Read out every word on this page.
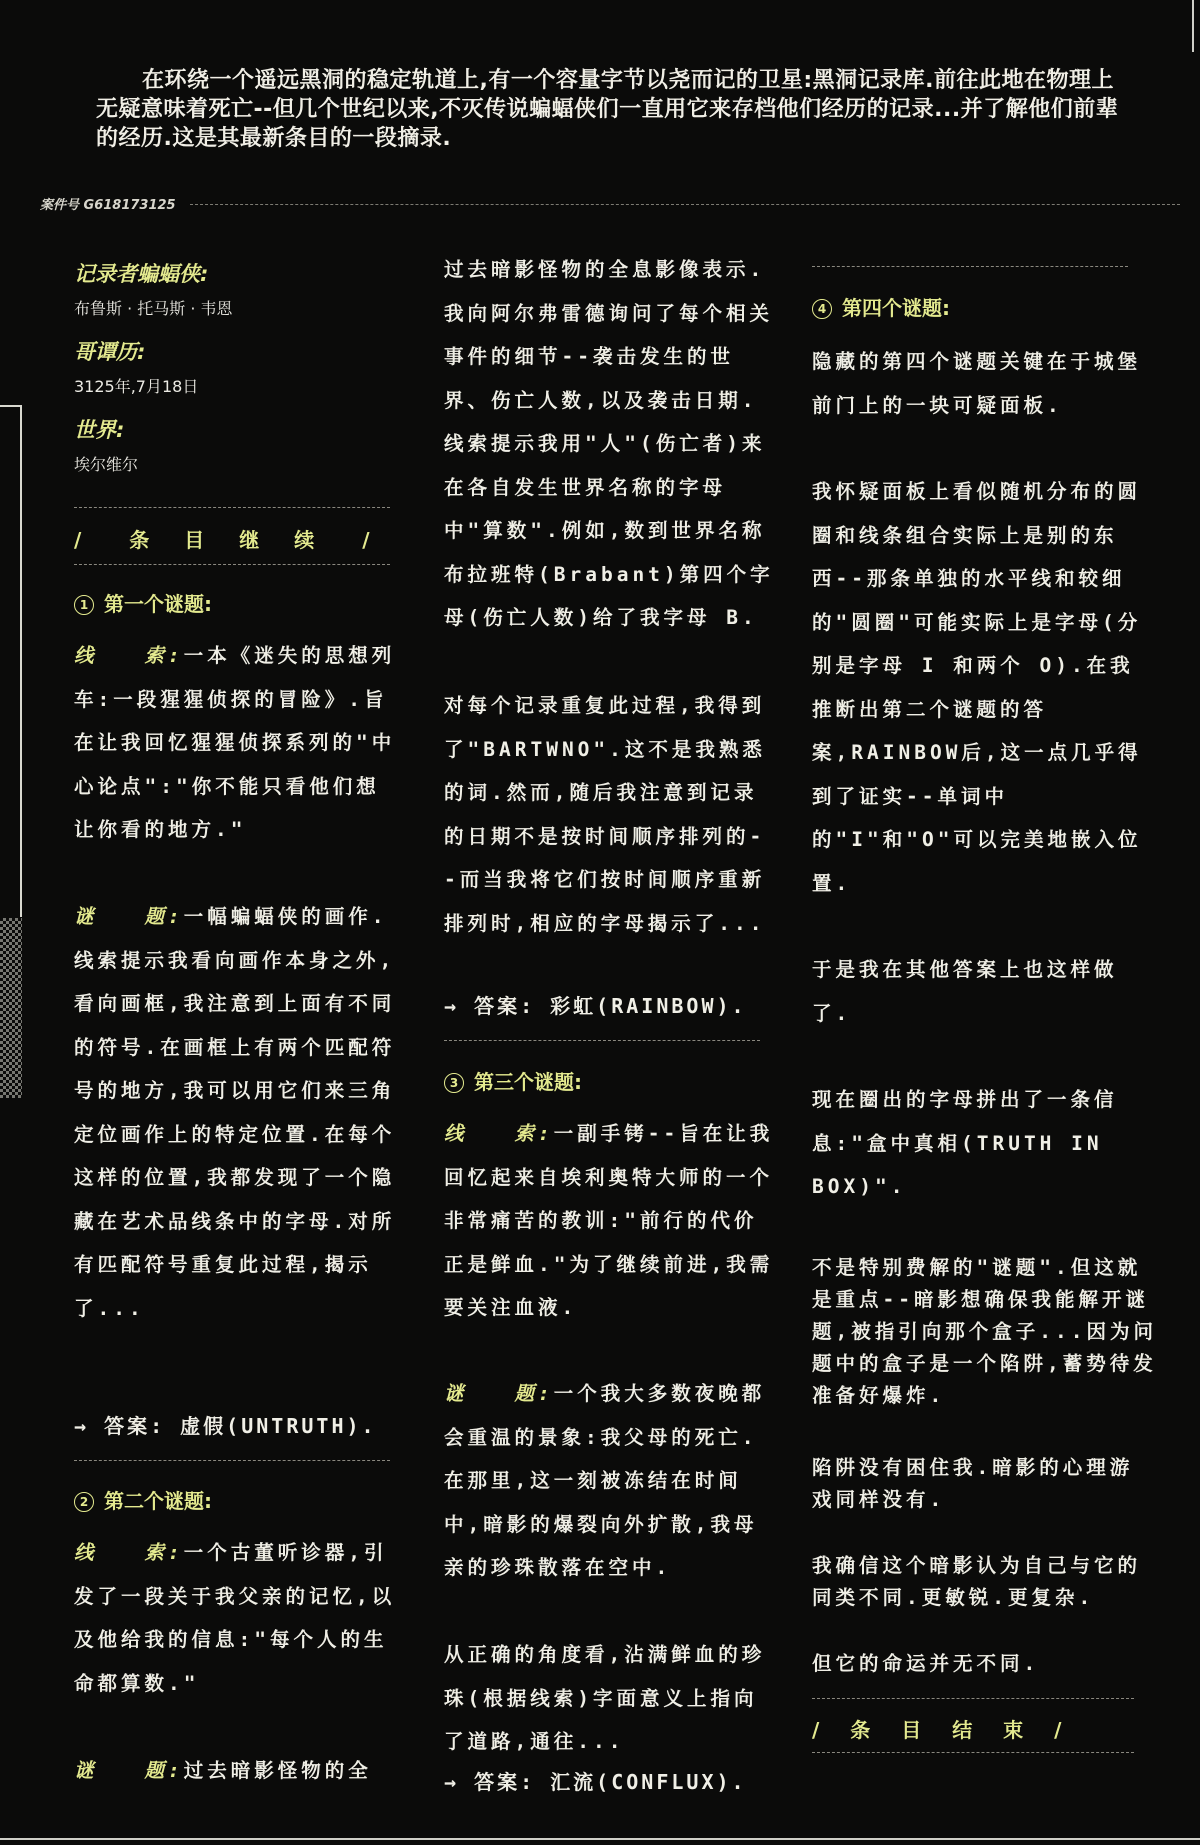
在环绕一个遥远黑洞的稳定轨道上,有一个容量字节以尧而记的卫星:黑洞记录库.前往此地在物理上无疑意味着死亡--但几个世纪以来,不灭传说蝙蝠侠们一直用它来存档他们经历的记录...并了解他们前辈的经历.这是其最新条目的一段摘录.
案件号 G618173125
记录者蝙蝠侠:
布鲁斯 · 托马斯 · 韦恩
哥谭历:
3125年,7月18日
世界:
埃尔维尔
/　条 目 继 续　/
1 第一个谜题:
线　　索:一本《迷失的思想列车:一段猩猩侦探的冒险》.旨在让我回忆猩猩侦探系列的"中心论点":"你不能只看他们想让你看的地方."
谜　　题:一幅蝙蝠侠的画作.线索提示我看向画作本身之外,看向画框,我注意到上面有不同的符号.在画框上有两个匹配符号的地方,我可以用它们来三角定位画作上的特定位置.在每个这样的位置,我都发现了一个隐藏在艺术品线条中的字母.对所有匹配符号重复此过程,揭示了...
→ 答案: 虚假(UNTRUTH).
2 第二个谜题:
线　　索:一个古董听诊器,引发了一段关于我父亲的记忆,以及他给我的信息:"每个人的生命都算数."

谜　　题:过去暗影怪物的全
过去暗影怪物的全息影像表示.我向阿尔弗雷德询问了每个相关事件的细节--袭击发生的世界、伤亡人数,以及袭击日期.线索提示我用"人"(伤亡者)来在各自发生世界名称的字母中"算数".例如,数到世界名称布拉班特(Brabant)第四个字母(伤亡人数)给了我字母 B.
对每个记录重复此过程,我得到了"BARTWNO".这不是我熟悉的词.然而,随后我注意到记录的日期不是按时间顺序排列的--而当我将它们按时间顺序重新排列时,相应的字母揭示了...
→ 答案: 彩虹(RAINBOW).
3 第三个谜题:
线　　索:一副手铐--旨在让我回忆起来自埃利奥特大师的一个非常痛苦的教训:"前行的代价正是鲜血."为了继续前进,我需要关注血液.
谜　　题:一个我大多数夜晚都会重温的景象:我父母的死亡.在那里,这一刻被冻结在时间中,暗影的爆裂向外扩散,我母亲的珍珠散落在空中.
从正确的角度看,沾满鲜血的珍珠(根据线索)字面意义上指向了道路,通往...
→ 答案: 汇流(CONFLUX).
4 第四个谜题:
隐藏的第四个谜题关键在于城堡前门上的一块可疑面板.
我怀疑面板上看似随机分布的圆圈和线条组合实际上是别的东西--那条单独的水平线和较细的"圆圈"可能实际上是字母(分别是字母 I 和两个 O).在我推断出第二个谜题的答案,RAINBOW后,这一点几乎得到了证实--单词中的"I"和"O"可以完美地嵌入位置.
于是我在其他答案上也这样做了.
现在圈出的字母拼出了一条信息:"盒中真相(TRUTH IN BOX)".
不是特别费解的"谜题".但这就是重点--暗影想确保我能解开谜题,被指引向那个盒子...因为问题中的盒子是一个陷阱,蓄势待发准备好爆炸.
陷阱没有困住我.暗影的心理游戏同样没有.
我确信这个暗影认为自己与它的同类不同.更敏锐.更复杂.
但它的命运并无不同.
/ 条 目 结 束 /
